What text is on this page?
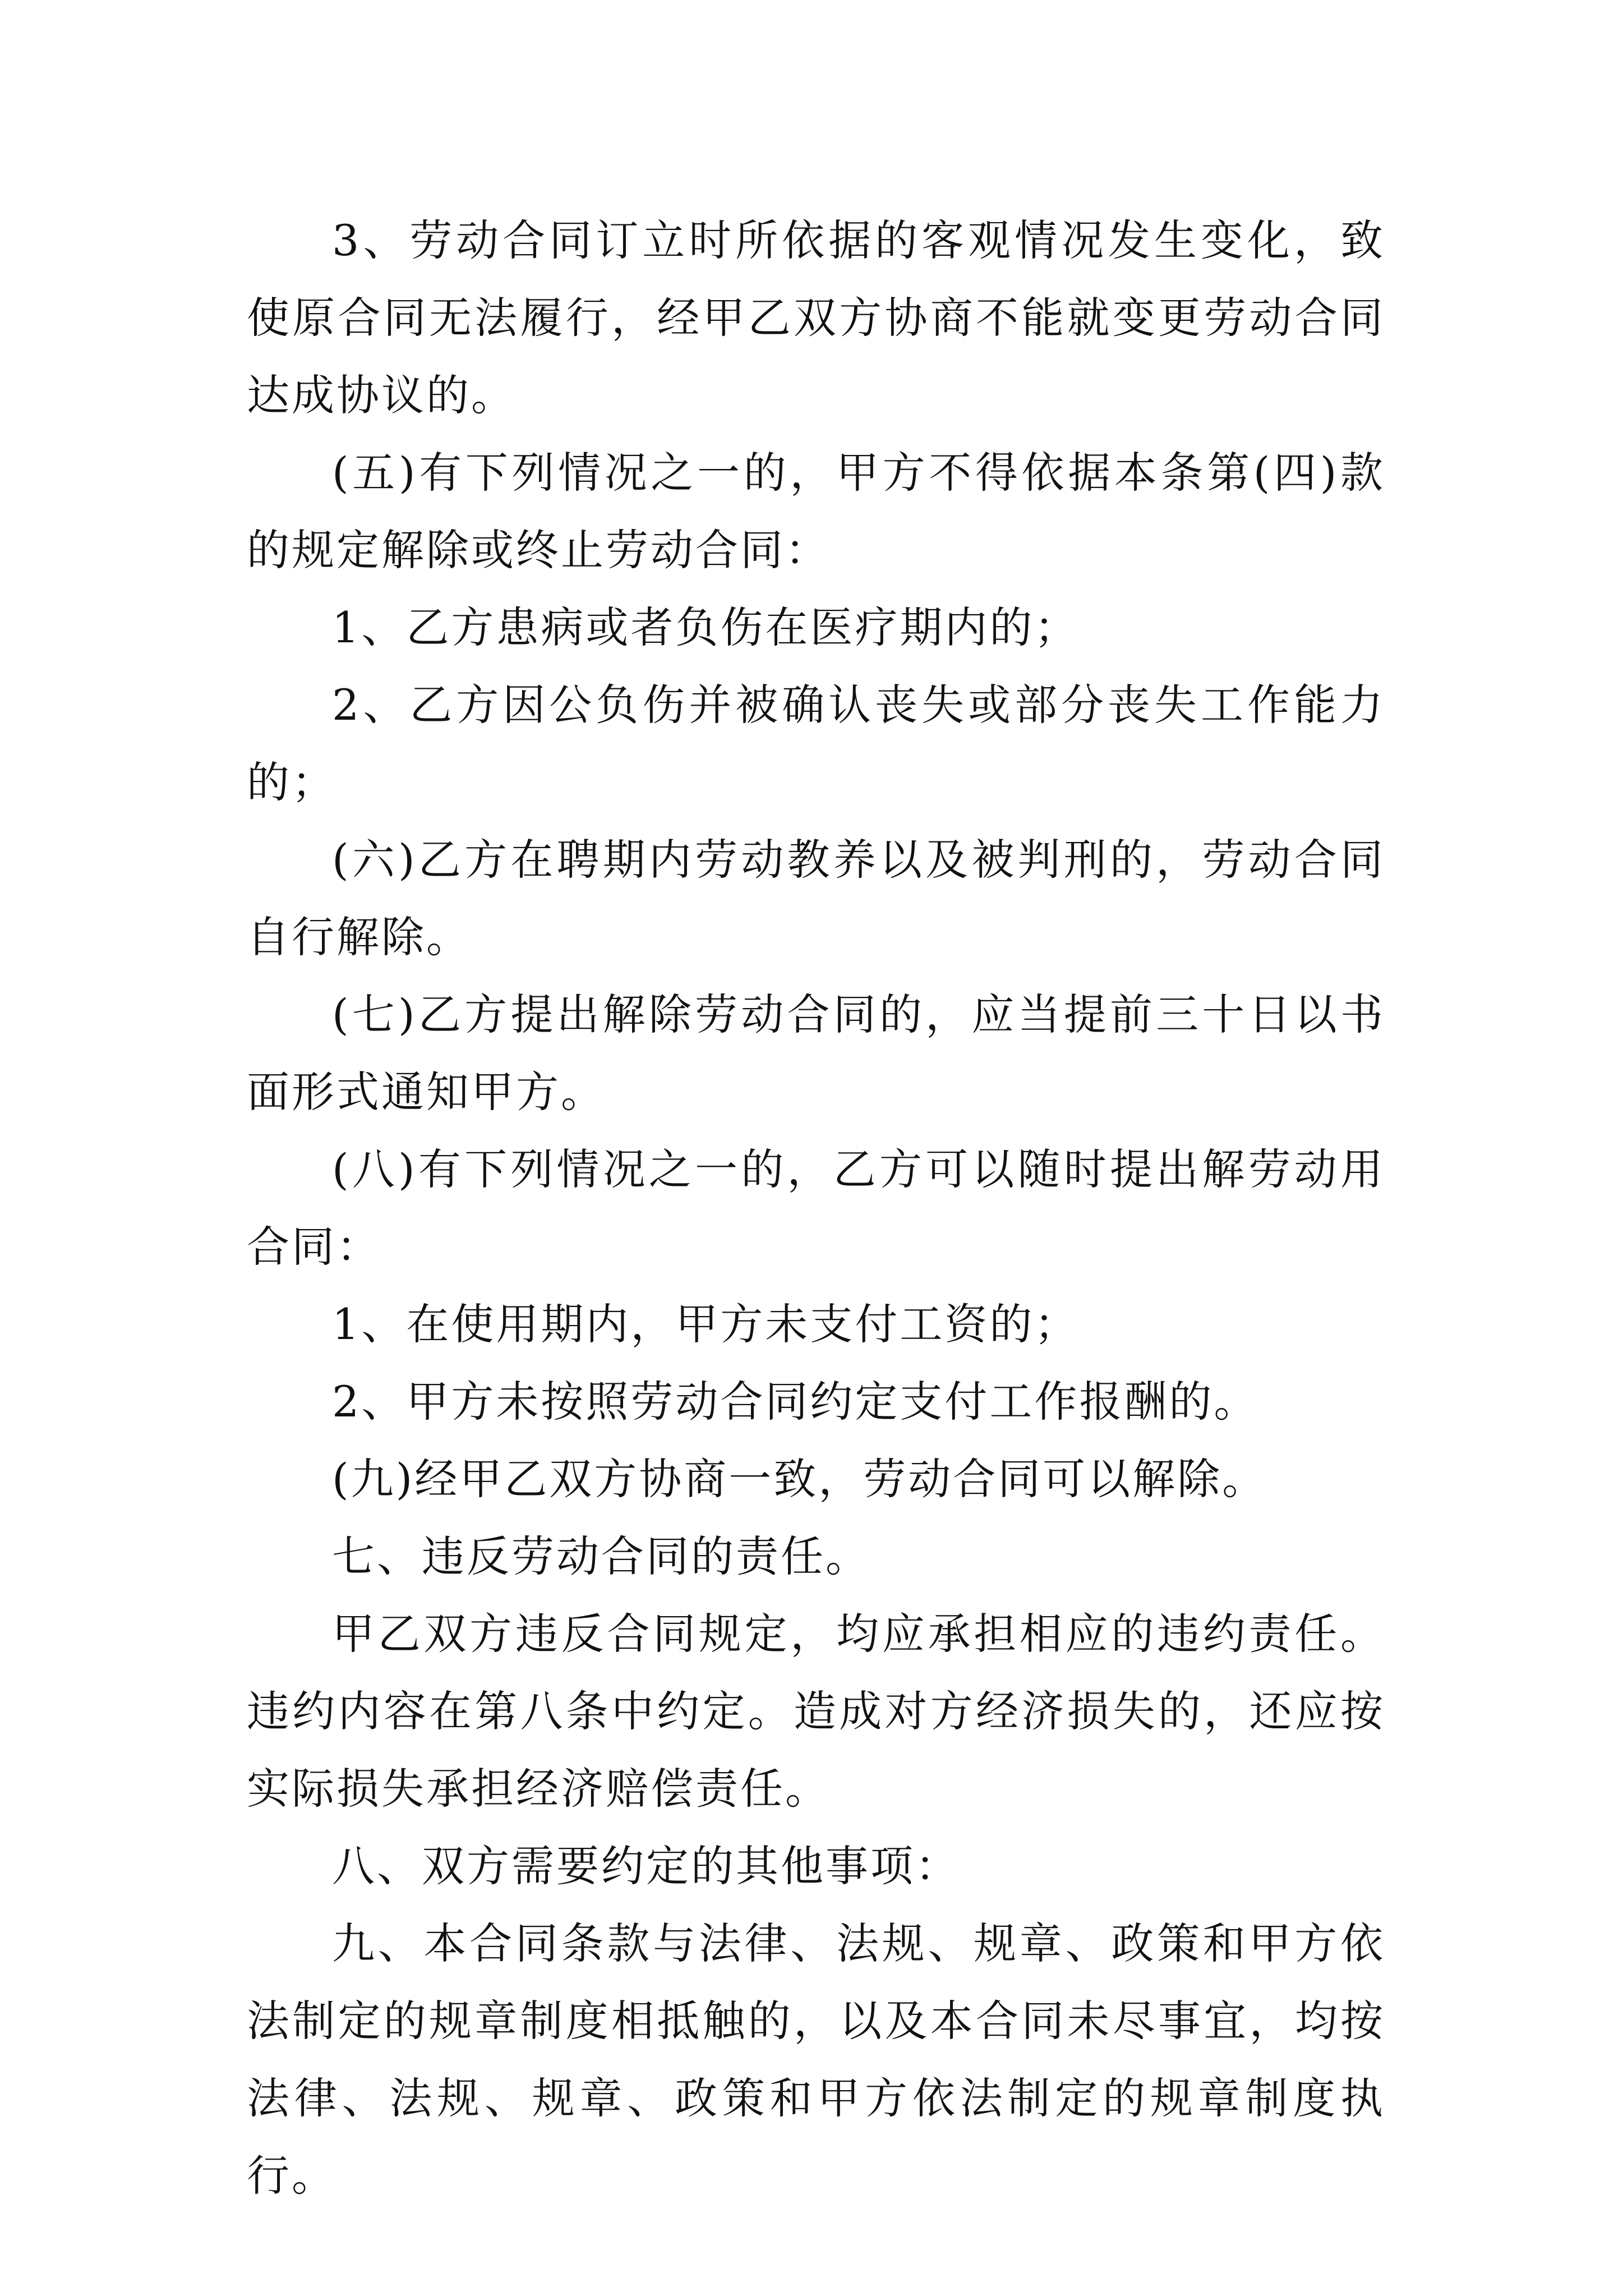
3、劳动合同订立时所依据的客观情况发生变化，致使原合同无法履行，经甲乙双方协商不能就变更劳动合同达成协议的。

(五)有下列情况之一的，甲方不得依据本条第(四)款的规定解除或终止劳动合同：

1、乙方患病或者负伤在医疗期内的；

2、乙方因公负伤并被确认丧失或部分丧失工作能力的；

(六)乙方在聘期内劳动教养以及被判刑的，劳动合同自行解除。

(七)乙方提出解除劳动合同的，应当提前三十日以书面形式通知甲方。

(八)有下列情况之一的，乙方可以随时提出解劳动用合同：

1、在使用期内，甲方未支付工资的；

2、甲方未按照劳动合同约定支付工作报酬的。

(九)经甲乙双方协商一致，劳动合同可以解除。

七、违反劳动合同的责任。

甲乙双方违反合同规定，均应承担相应的违约责任。违约内容在第八条中约定。造成对方经济损失的，还应按实际损失承担经济赔偿责任。

八、双方需要约定的其他事项：

九、本合同条款与法律、法规、规章、政策和甲方依法制定的规章制度相抵触的，以及本合同未尽事宜，均按法律、法规、规章、政策和甲方依法制定的规章制度执行。
